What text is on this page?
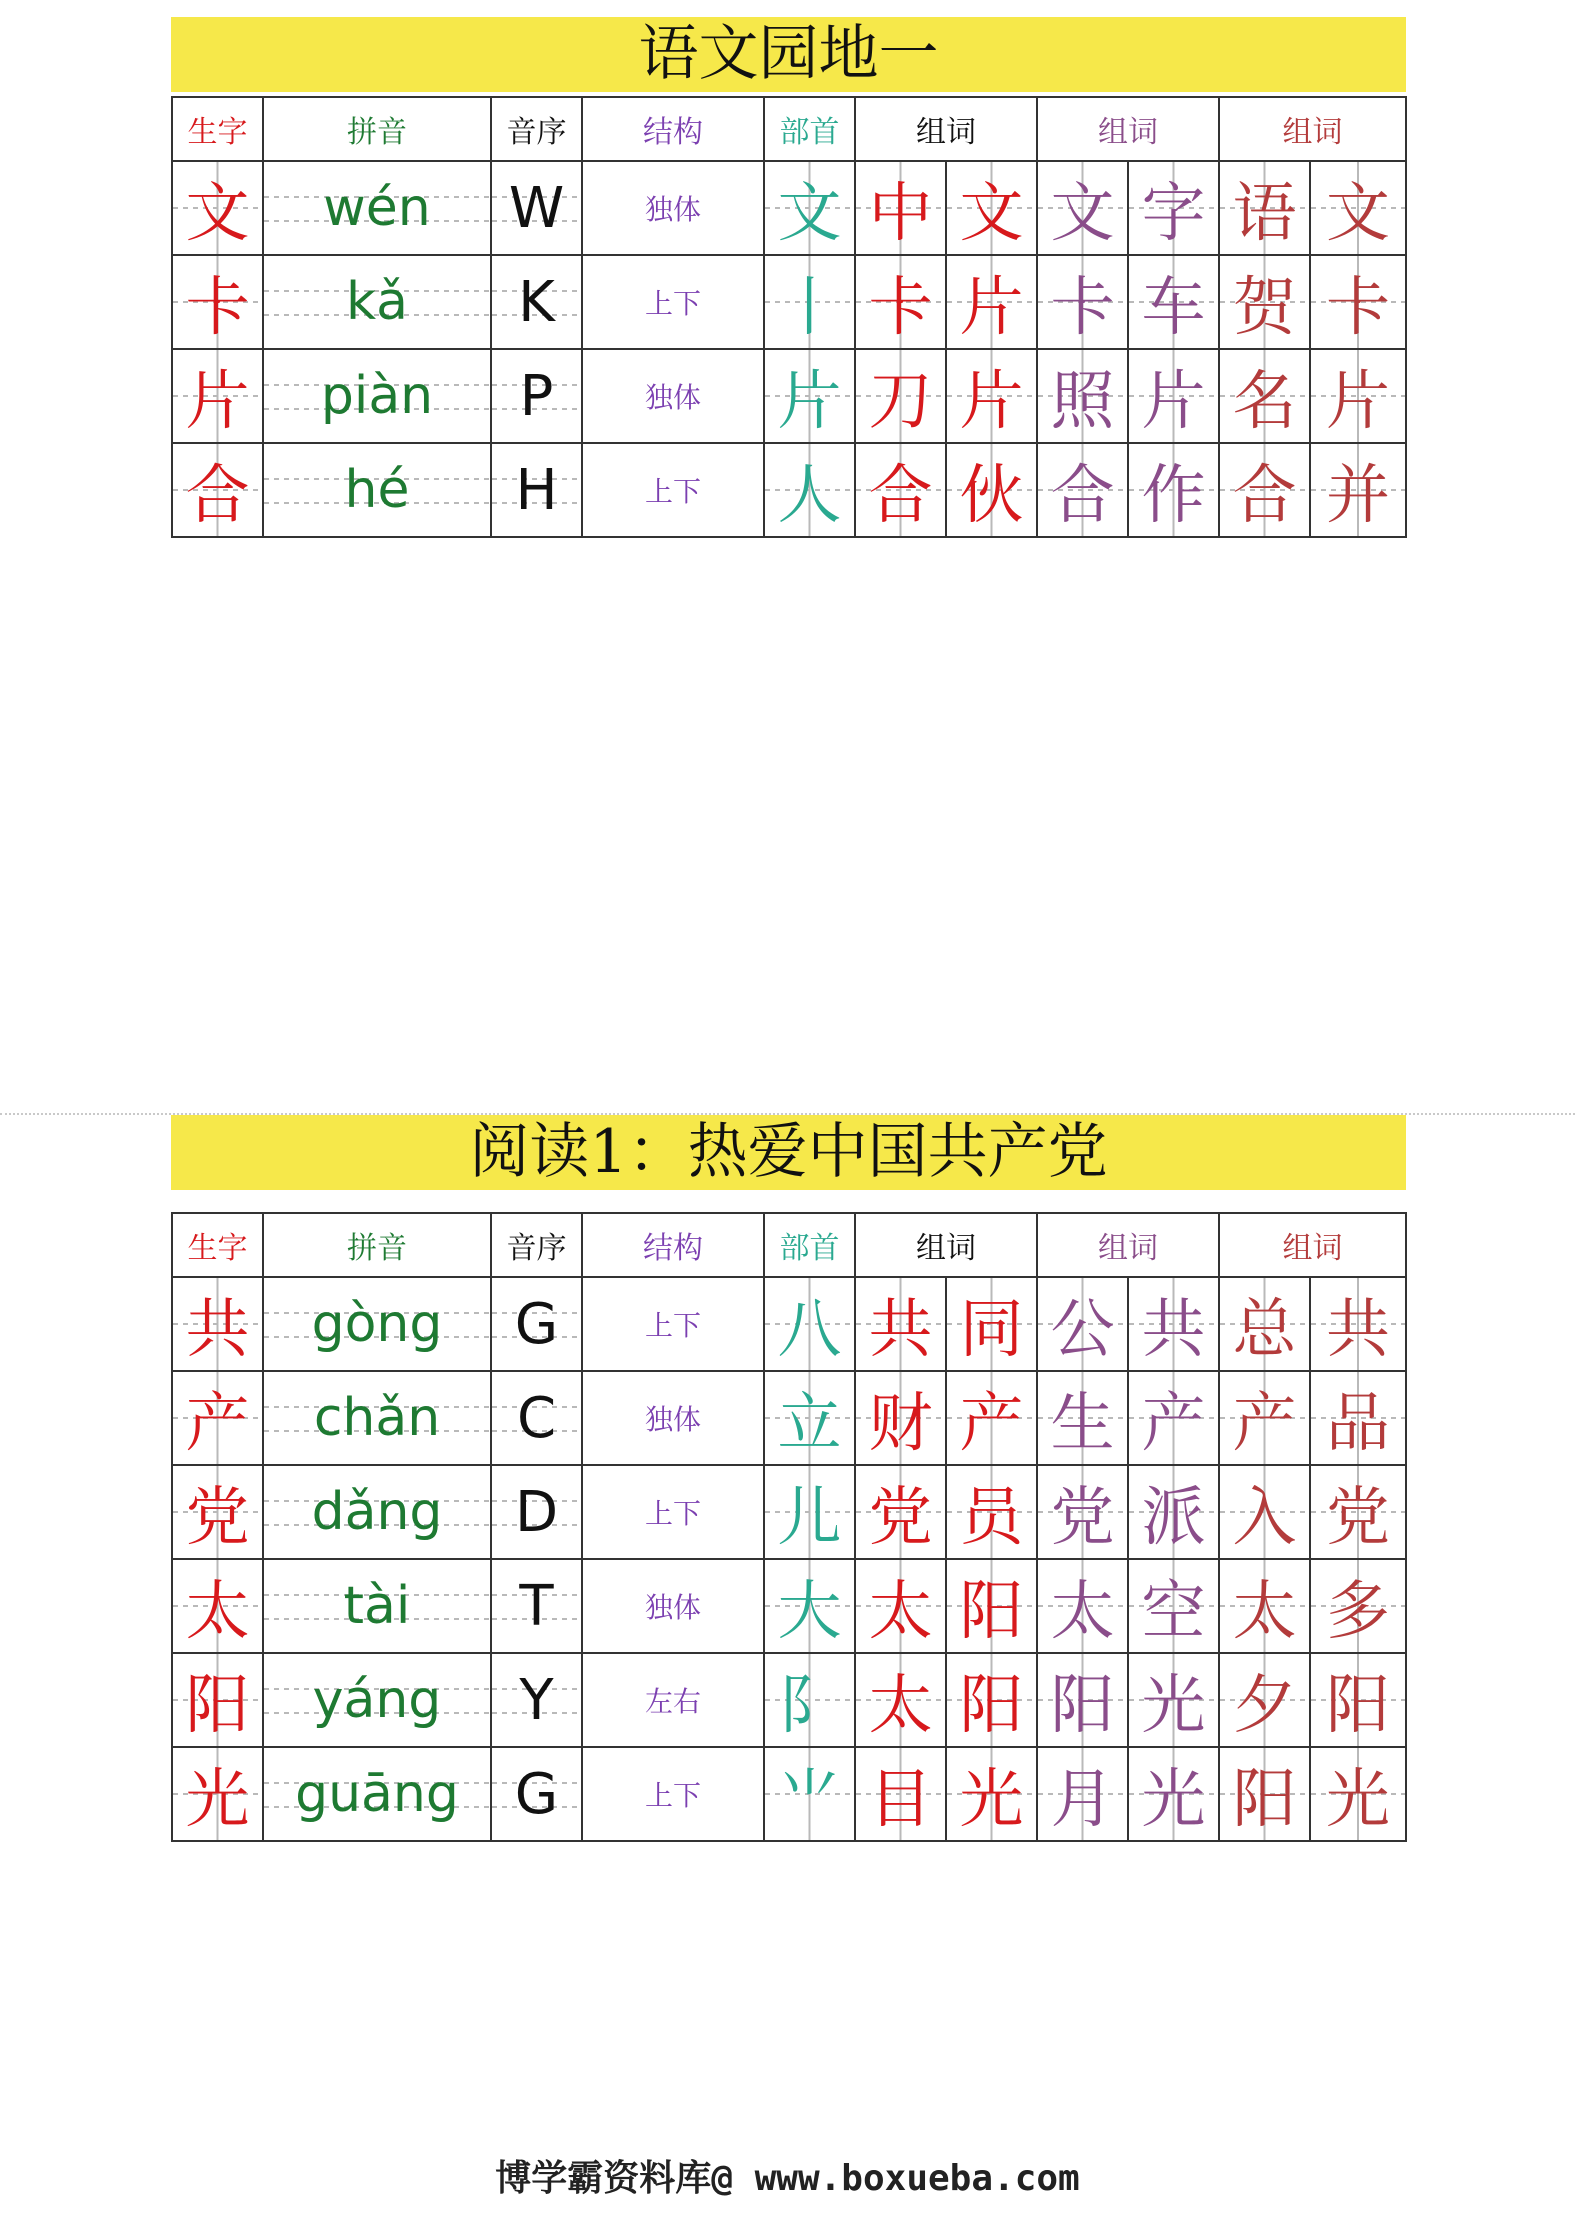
语文园地一
生字	拼音	音序	结构	部首	组词		组词		组词	
文	wén	W	独体	文	中	文	文	字	语	文
卡	kǎ	K	上下	丨	卡	片	卡	车	贺	卡
片	piàn	P	独体	片	刀	片	照	片	名	片
合	hé	H	上下	人	合	伙	合	作	合	并
阅读1：热爱中国共产党
生字	拼音	音序	结构	部首	组词		组词		组词	
共	gòng	G	上下	八	共	同	公	共	总	共
产	chǎn	C	独体	立	财	产	生	产	产	品
党	dǎng	D	上下	儿	党	员	党	派	入	党
太	tài	T	独体	大	太	阳	太	空	太	多
阳	yáng	Y	左右	阝	太	阳	阳	光	夕	阳
光	guāng	G	上下	⺌	目	光	月	光	阳	光
博学霸资料库@ www.boxueba.com
